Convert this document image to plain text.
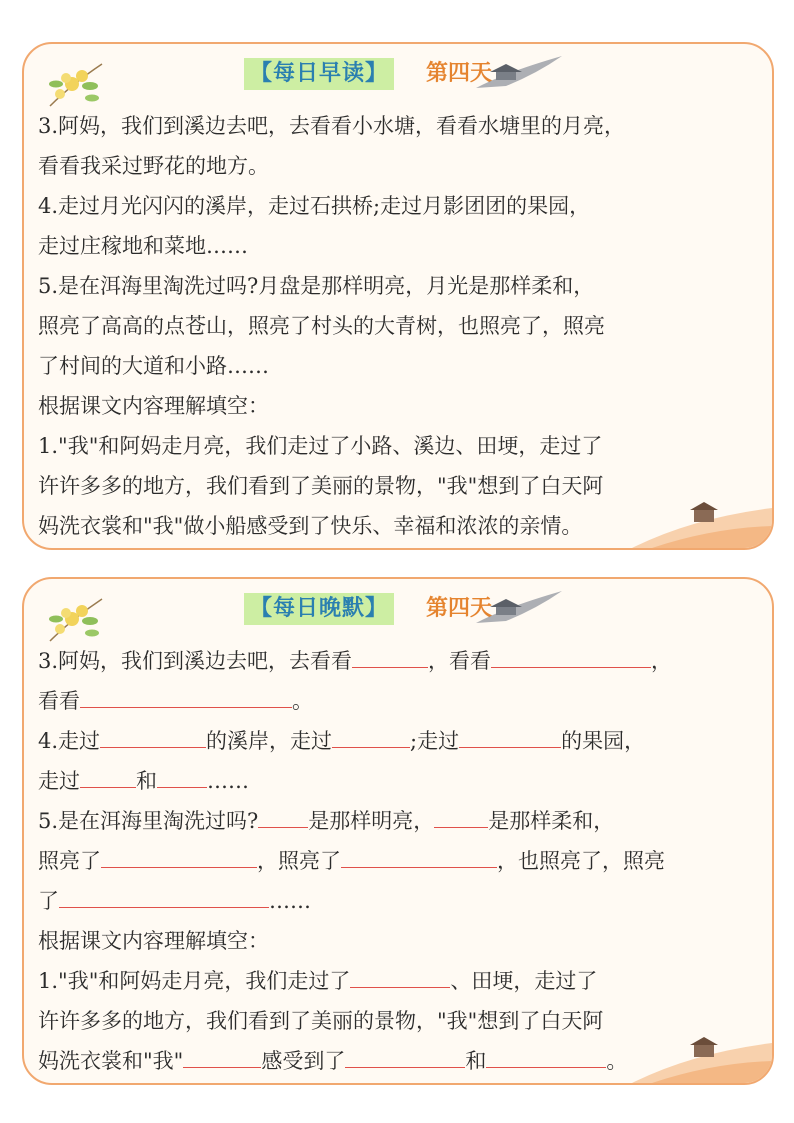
【每日早读】 第四天

3.阿妈，我们到溪边去吧，去看看小水塘，看看水塘里的月亮，

看看我采过野花的地方。

4.走过月光闪闪的溪岸，走过石拱桥;走过月影团团的果园，

走过庄稼地和菜地……

5.是在洱海里淘洗过吗?月盘是那样明亮，月光是那样柔和，

照亮了高高的点苍山，照亮了村头的大青树，也照亮了，照亮

了村间的大道和小路……

根据课文内容理解填空：

1."我"和阿妈走月亮，我们走过了小路、溪边、田埂，走过了

许许多多的地方，我们看到了美丽的景物，"我"想到了白天阿

妈洗衣裳和"我"做小船感受到了快乐、幸福和浓浓的亲情。

【每日晚默】 第四天

3.阿妈，我们到溪边去吧，去看看	，看看	，

看看	。

4.走过	的溪岸，走过	;走过	的果园，

走过	和 ……

5.是在洱海里淘洗过吗? 是那样明亮，	是那样柔和，

照亮了	，照亮了	，也照亮了，照亮

了	……

根据课文内容理解填空：

1."我"和阿妈走月亮，我们走过了	、田埂，走过了

许许多多的地方，我们看到了美丽的景物，"我"想到了白天阿

妈洗衣裳和"我"	感受到了	和	。
